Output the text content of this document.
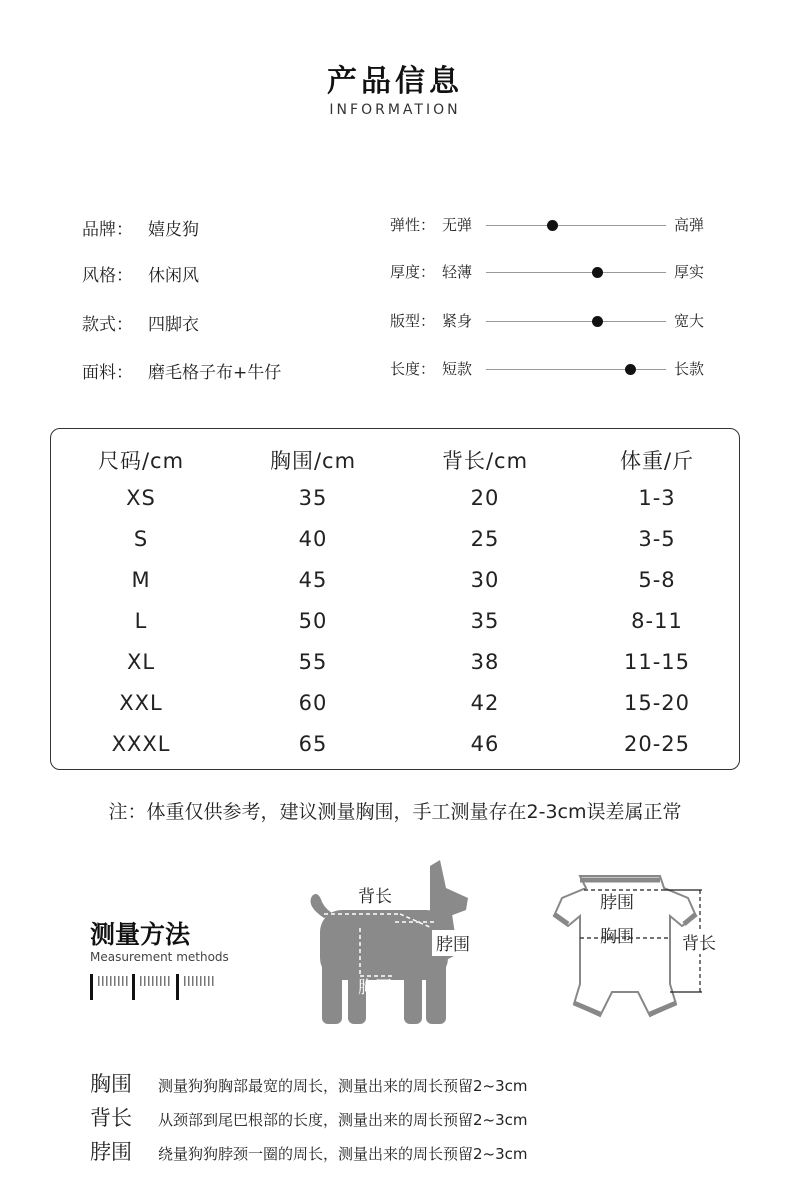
产品信息
INFORMATION
品牌： 嬉皮狗
风格： 休闲风
款式： 四脚衣
面料： 磨毛格子布+牛仔
弹性： 无弹	高弹
厚度： 轻薄	厚实
版型： 紧身	宽大
长度： 短款	长款
尺码/cm	胸围/cm	背长/cm	体重/斤
XS	35	20	1-3
S	40	25	3-5
M	45	30	5-8
L	50	35	8-11
XL	55	38	11-15
XXL	60	42	15-20
XXXL	65	46	20-25
注：体重仅供参考，建议测量胸围，手工测量存在2-3cm误差属正常
测量方法
Measurement methods
背长
脖围
胸围
脖围
胸围	背长
胸围 测量狗狗胸部最宽的周长，测量出来的周长预留2~3cm
背长 从颈部到尾巴根部的长度，测量出来的周长预留2~3cm
脖围 绕量狗狗脖颈一圈的周长，测量出来的周长预留2~3cm
